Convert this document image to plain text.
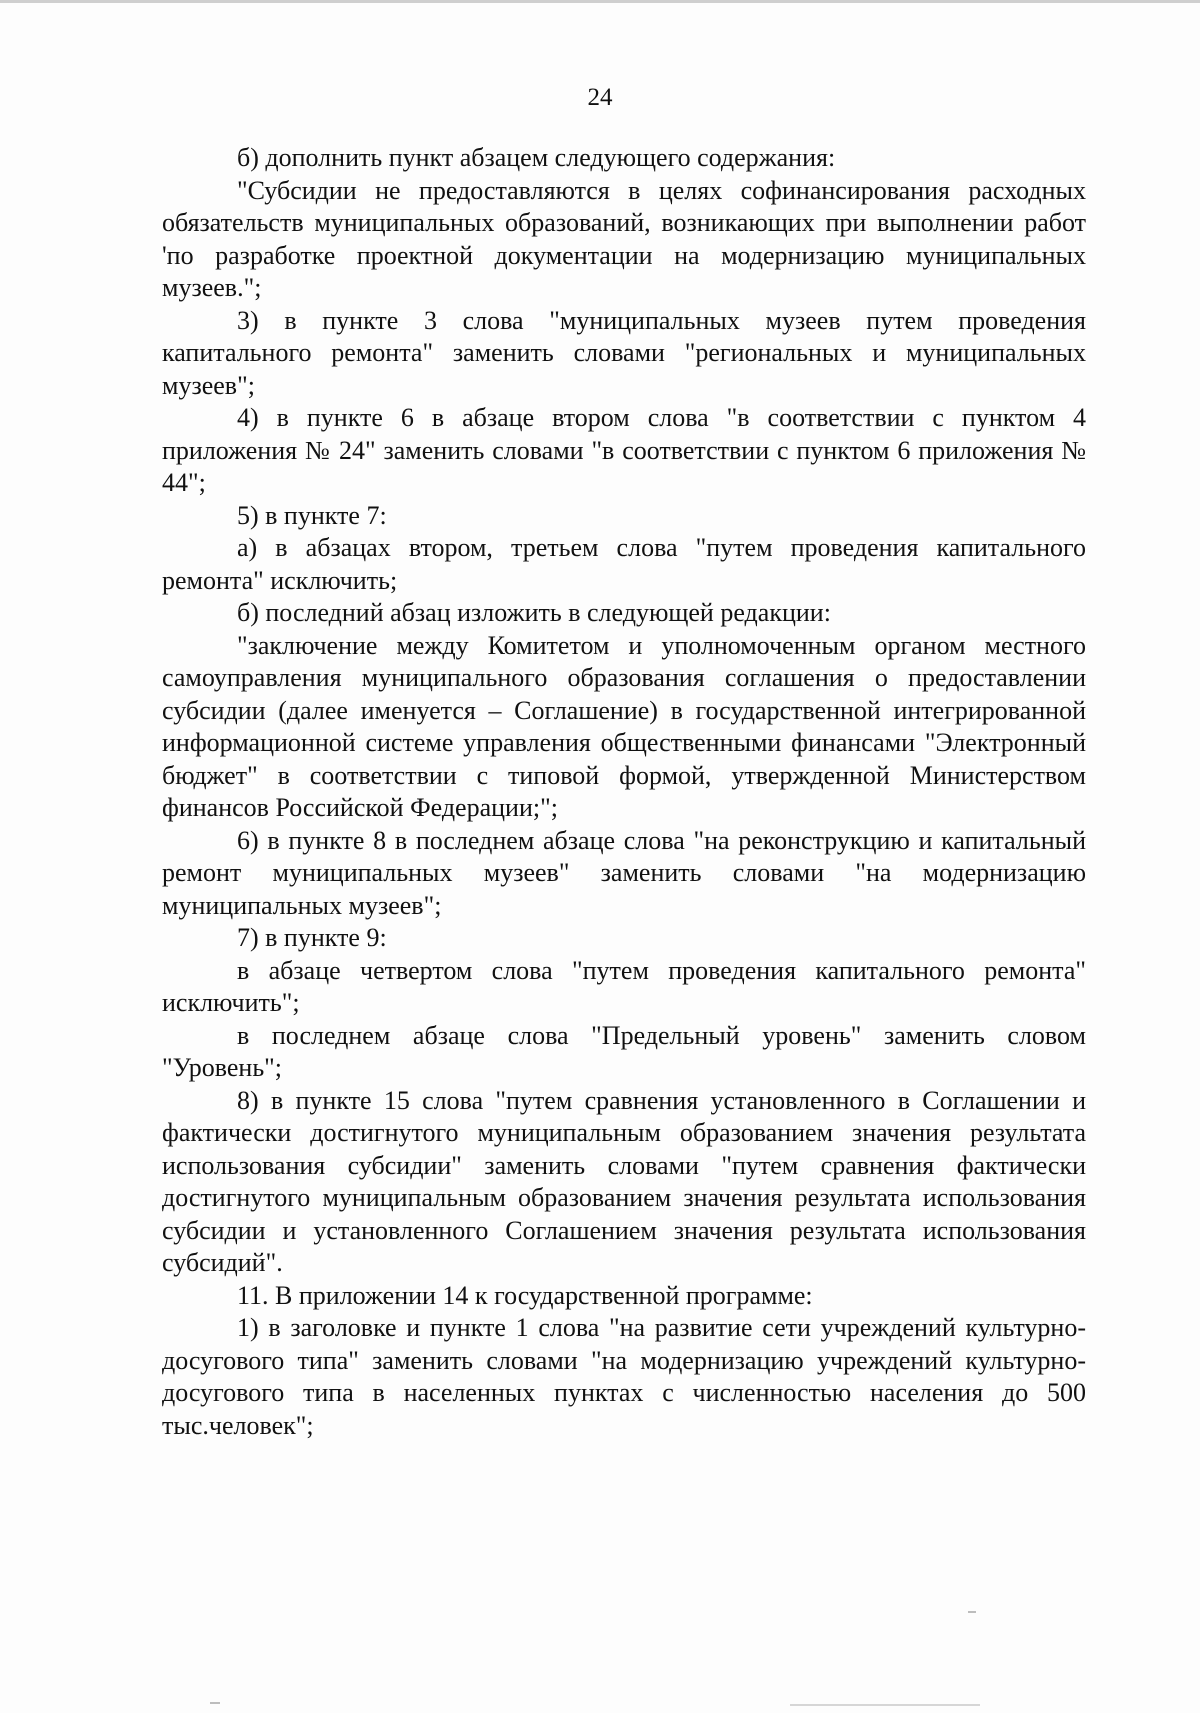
24

б) дополнить пункт абзацем следующего содержания:

"Субсидии не предоставляются в целях софинансирования расходных обязательств муниципальных образований, возникающих при выполнении работ 'по разработке проектной документации на модернизацию муниципальных музеев.";

3) в пункте 3 слова "муниципальных музеев путем проведения капитального ремонта" заменить словами "региональных и муниципальных музеев";

4) в пункте 6 в абзаце втором слова "в соответствии с пунктом 4 приложения № 24" заменить словами "в соответствии с пунктом 6 приложения № 44";

5) в пункте 7:

а) в абзацах втором, третьем слова "путем проведения капитального ремонта" исключить;

б) последний абзац изложить в следующей редакции:

"заключение между Комитетом и уполномоченным органом местного самоуправления муниципального образования соглашения о предоставлении субсидии (далее именуется – Соглашение) в государственной интегрированной информационной системе управления общественными финансами "Электронный бюджет" в соответствии с типовой формой, утвержденной Министерством финансов Российской Федерации;";

6) в пункте 8 в последнем абзаце слова "на реконструкцию и капитальный ремонт муниципальных музеев" заменить словами "на модернизацию муниципальных музеев";

7) в пункте 9:

в абзаце четвертом слова "путем проведения капитального ремонта" исключить";

в последнем абзаце слова "Предельный уровень" заменить словом "Уровень";

8) в пункте 15 слова "путем сравнения установленного в Соглашении и фактически достигнутого муниципальным образованием значения результата использования субсидии" заменить словами "путем сравнения фактически достигнутого муниципальным образованием значения результата использования субсидии и установленного Соглашением значения результата использования субсидий".

11. В приложении 14 к государственной программе:

1) в заголовке и пункте 1 слова "на развитие сети учреждений культурно-досугового типа" заменить словами "на модернизацию учреждений культурно-досугового типа в населенных пунктах с численностью населения до 500 тыс.человек";
